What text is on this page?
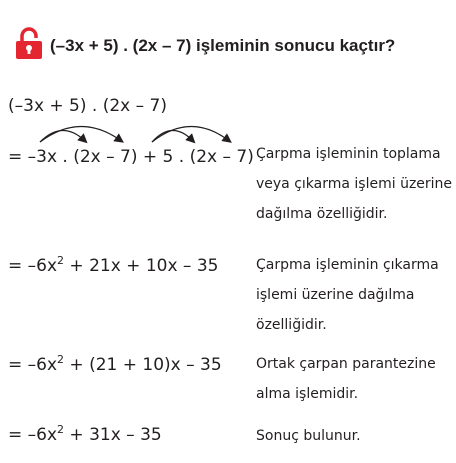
(–3x + 5) . (2x – 7) işleminin sonucu kaçtır?
(–3x + 5) . (2x – 7)
= –3x . (2x – 7) + 5 . (2x – 7) Çarpma işleminin toplama veya çıkarma işlemi üzerine dağılma özelliğidir.
= $-6x^2 + 21x + 10x - 35$	Çarpma işleminin çıkarma işlemi üzerine dağılma özelliğidir.
= $-6x^2 + (21 + 10)x - 35$ Ortak çarpan parantezine alma işlemidir.
= $-6x^2 + 31x - 35$	Sonuç bulunur.
